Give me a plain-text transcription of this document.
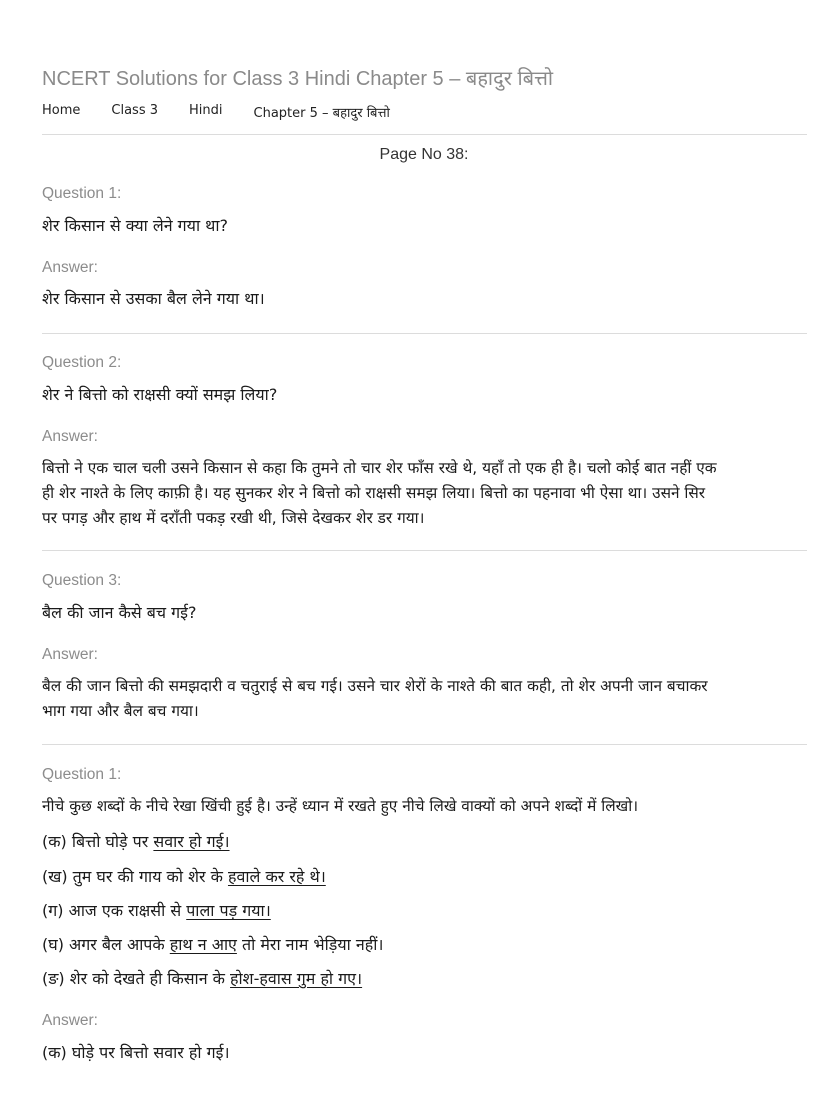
NCERT Solutions for Class 3 Hindi Chapter 5 – बहादुर बित्तो
Home Class 3 Hindi Chapter 5 – बहादुर बित्तो
Page No 38:
Question 1:
शेर किसान से क्या लेने गया था?
Answer:
शेर किसान से उसका बैल लेने गया था।
Question 2:
शेर ने बित्तो को राक्षसी क्यों समझ लिया?
Answer:
बित्तो ने एक चाल चली उसने किसान से कहा कि तुमने तो चार शेर फाँस रखे थे, यहाँ तो एक ही है। चलो कोई बात नहीं एक
ही शेर नाश्ते के लिए काफ़ी है। यह सुनकर शेर ने बित्तो को राक्षसी समझ लिया। बित्तो का पहनावा भी ऐसा था। उसने सिर
पर पगड़ और हाथ में दराँती पकड़ रखी थी, जिसे देखकर शेर डर गया।
Question 3:
बैल की जान कैसे बच गई?
Answer:
बैल की जान बित्तो की समझदारी व चतुराई से बच गई। उसने चार शेरों के नाश्ते की बात कही, तो शेर अपनी जान बचाकर
भाग गया और बैल बच गया।
Question 1:
नीचे कुछ शब्दों के नीचे रेखा खिंची हुई है। उन्हें ध्यान में रखते हुए नीचे लिखे वाक्यों को अपने शब्दों में लिखो।
(क) बित्तो घोड़े पर सवार हो गई।
(ख) तुम घर की गाय को शेर के हवाले कर रहे थे।
(ग) आज एक राक्षसी से पाला पड़ गया।
(घ) अगर बैल आपके हाथ न आए तो मेरा नाम भेड़िया नहीं।
(ङ) शेर को देखते ही किसान के होश-हवास गुम हो गए।
Answer:
(क) घोड़े पर बित्तो सवार हो गई।
